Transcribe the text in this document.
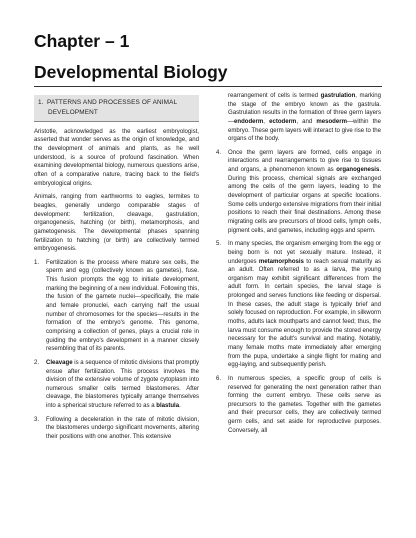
Chapter – 1
Developmental Biology
1. PATTERNS AND PROCESSES OF ANIMAL
DEVELOPMENT

Aristotle, acknowledged as the earliest embryologist, asserted that wonder serves as the origin of knowledge, and the development of animals and plants, as he well understood, is a source of profound fascination. When examining developmental biology, numerous questions arise, often of a comparative nature, tracing back to the field's embryological origins.

Animals, ranging from earthworms to eagles, termites to beagles, generally undergo comparable stages of development: fertilization, cleavage, gastrulation, organogenesis, hatching (or birth), metamorphosis, and gametogenesis. The developmental phases spanning fertilization to hatching (or birth) are collectively termed embryogenesis.

1. Fertilization is the process where mature sex cells, the sperm and egg (collectively known as gametes), fuse. This fusion prompts the egg to initiate development, marking the beginning of a new individual. Following this, the fusion of the gamete nuclei—specifically, the male and female pronuclei, each carrying half the usual number of chromosomes for the species—results in the formation of the embryo's genome. This genome, comprising a collection of genes, plays a crucial role in guiding the embryo's development in a manner closely resembling that of its parents.
2. Cleavage is a sequence of mitotic divisions that promptly ensue after fertilization. This process involves the division of the extensive volume of zygote cytoplasm into numerous smaller cells termed blastomeres. After cleavage, the blastomeres typically arrange themselves into a spherical structure referred to as a blastula.
3. Following a deceleration in the rate of mitotic division, the blastomeres undergo significant movements, altering their positions with one another. This extensive
rearrangement of cells is termed gastrulation, marking the stage of the embryo known as the gastrula. Gastrulation results in the formation of three germ layers—endoderm, ectoderm, and mesoderm—within the embryo. These germ layers will interact to give rise to the organs of the body.
4. Once the germ layers are formed, cells engage in interactions and rearrangements to give rise to tissues and organs, a phenomenon known as organogenesis. During this process, chemical signals are exchanged among the cells of the germ layers, leading to the development of particular organs at specific locations. Some cells undergo extensive migrations from their initial positions to reach their final destinations. Among these migrating cells are precursors of blood cells, lymph cells, pigment cells, and gametes, including eggs and sperm.
5. In many species, the organism emerging from the egg or being born is not yet sexually mature. Instead, it undergoes metamorphosis to reach sexual maturity as an adult. Often referred to as a larva, the young organism may exhibit significant differences from the adult form. In certain species, the larval stage is prolonged and serves functions like feeding or dispersal. In these cases, the adult stage is typically brief and solely focused on reproduction. For example, in silkworm moths, adults lack mouthparts and cannot feed; thus, the larva must consume enough to provide the stored energy necessary for the adult's survival and mating. Notably, many female moths mate immediately after emerging from the pupa, undertake a single flight for mating and egg-laying, and subsequently perish.
6. In numerous species, a specific group of cells is reserved for generating the next generation rather than forming the current embryo. These cells serve as precursors to the gametes. Together with the gametes and their precursor cells, they are collectively termed germ cells, and set aside for reproductive purposes. Conversely, all
